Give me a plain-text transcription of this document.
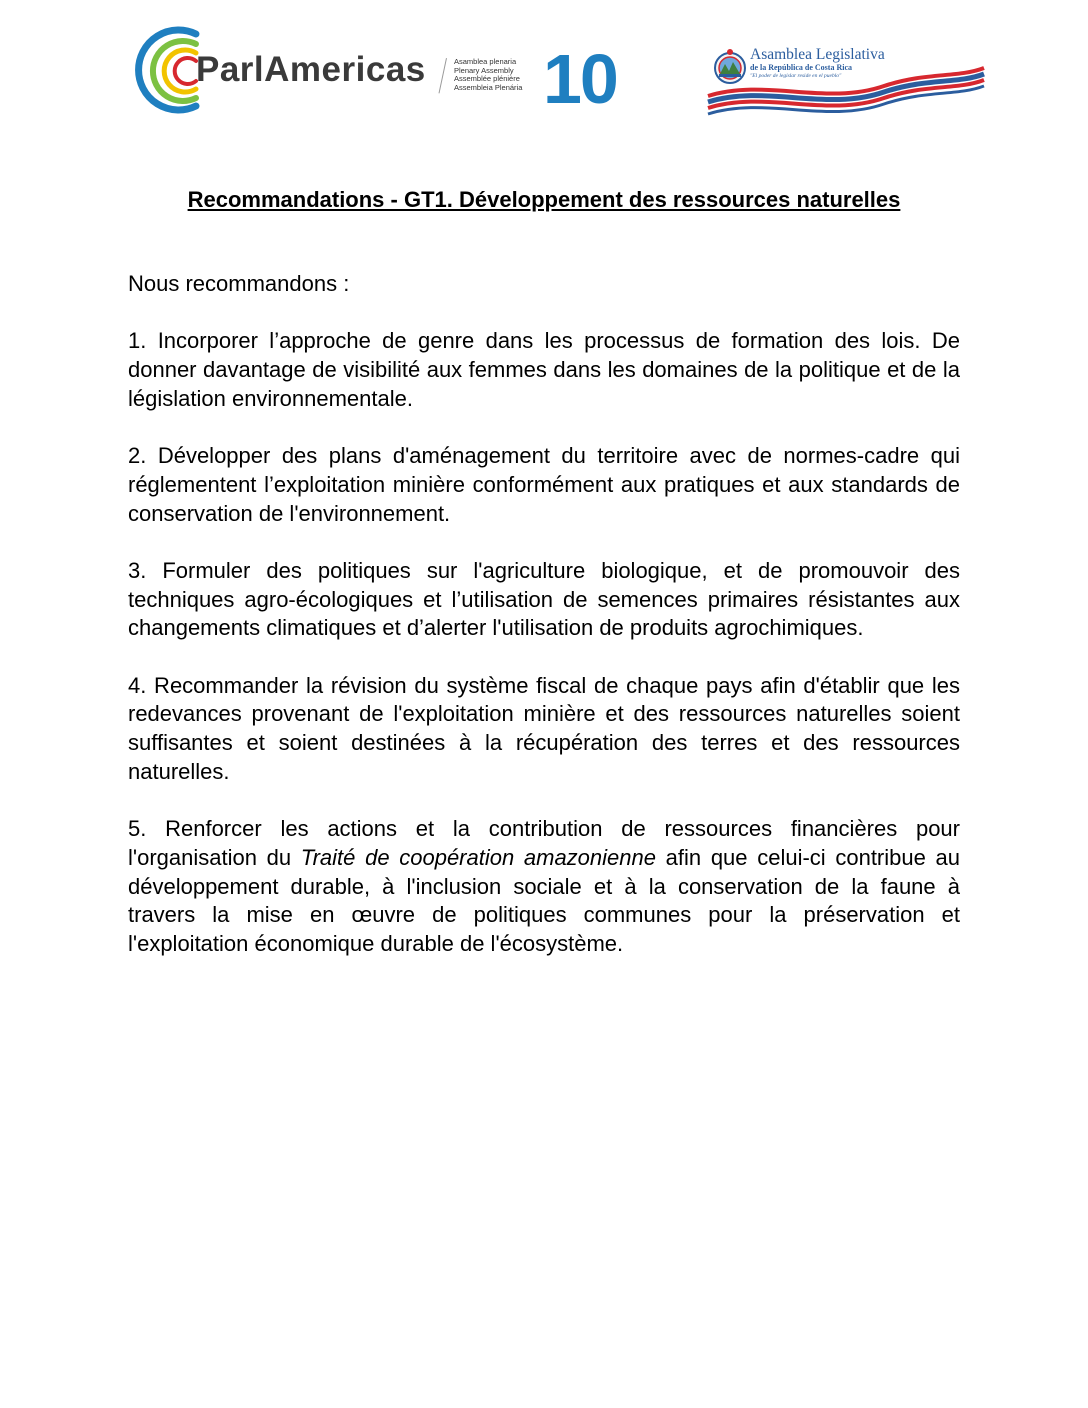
ParlAmericas	Asamblea plenaria
Plenary Assembly
Assemblée plénière
Assembleia Plenária 10	Asamblea Legislativa
de la República de Costa Rica
"El poder de legislar reside en el pueblo"
Recommandations - GT1. Développement des ressources naturelles

Nous recommandons :

1. Incorporer l’approche de genre dans les processus de formation des lois. De donner davantage de visibilité aux femmes dans les domaines de la politique et de la législation environnementale.

2. Développer des plans d'aménagement du territoire avec de normes-cadre qui réglementent l’exploitation minière conformément aux pratiques et aux standards de conservation de l'environnement.

3. Formuler des politiques sur l'agriculture biologique, et de promouvoir des techniques agro-écologiques et l’utilisation de semences primaires résistantes aux changements climatiques et d’alerter l'utilisation de produits agrochimiques.

4. Recommander la révision du système fiscal de chaque pays afin d'établir que les redevances provenant de l'exploitation minière et des ressources naturelles soient suffisantes et soient destinées à la récupération des terres et des ressources naturelles.

5. Renforcer les actions et la contribution de ressources financières pour l'organisation du Traité de coopération amazonienne afin que celui-ci contribue au développement durable, à l'inclusion sociale et à la conservation de la faune à travers la mise en œuvre de politiques communes pour la préservation et l'exploitation économique durable de l'écosystème.
